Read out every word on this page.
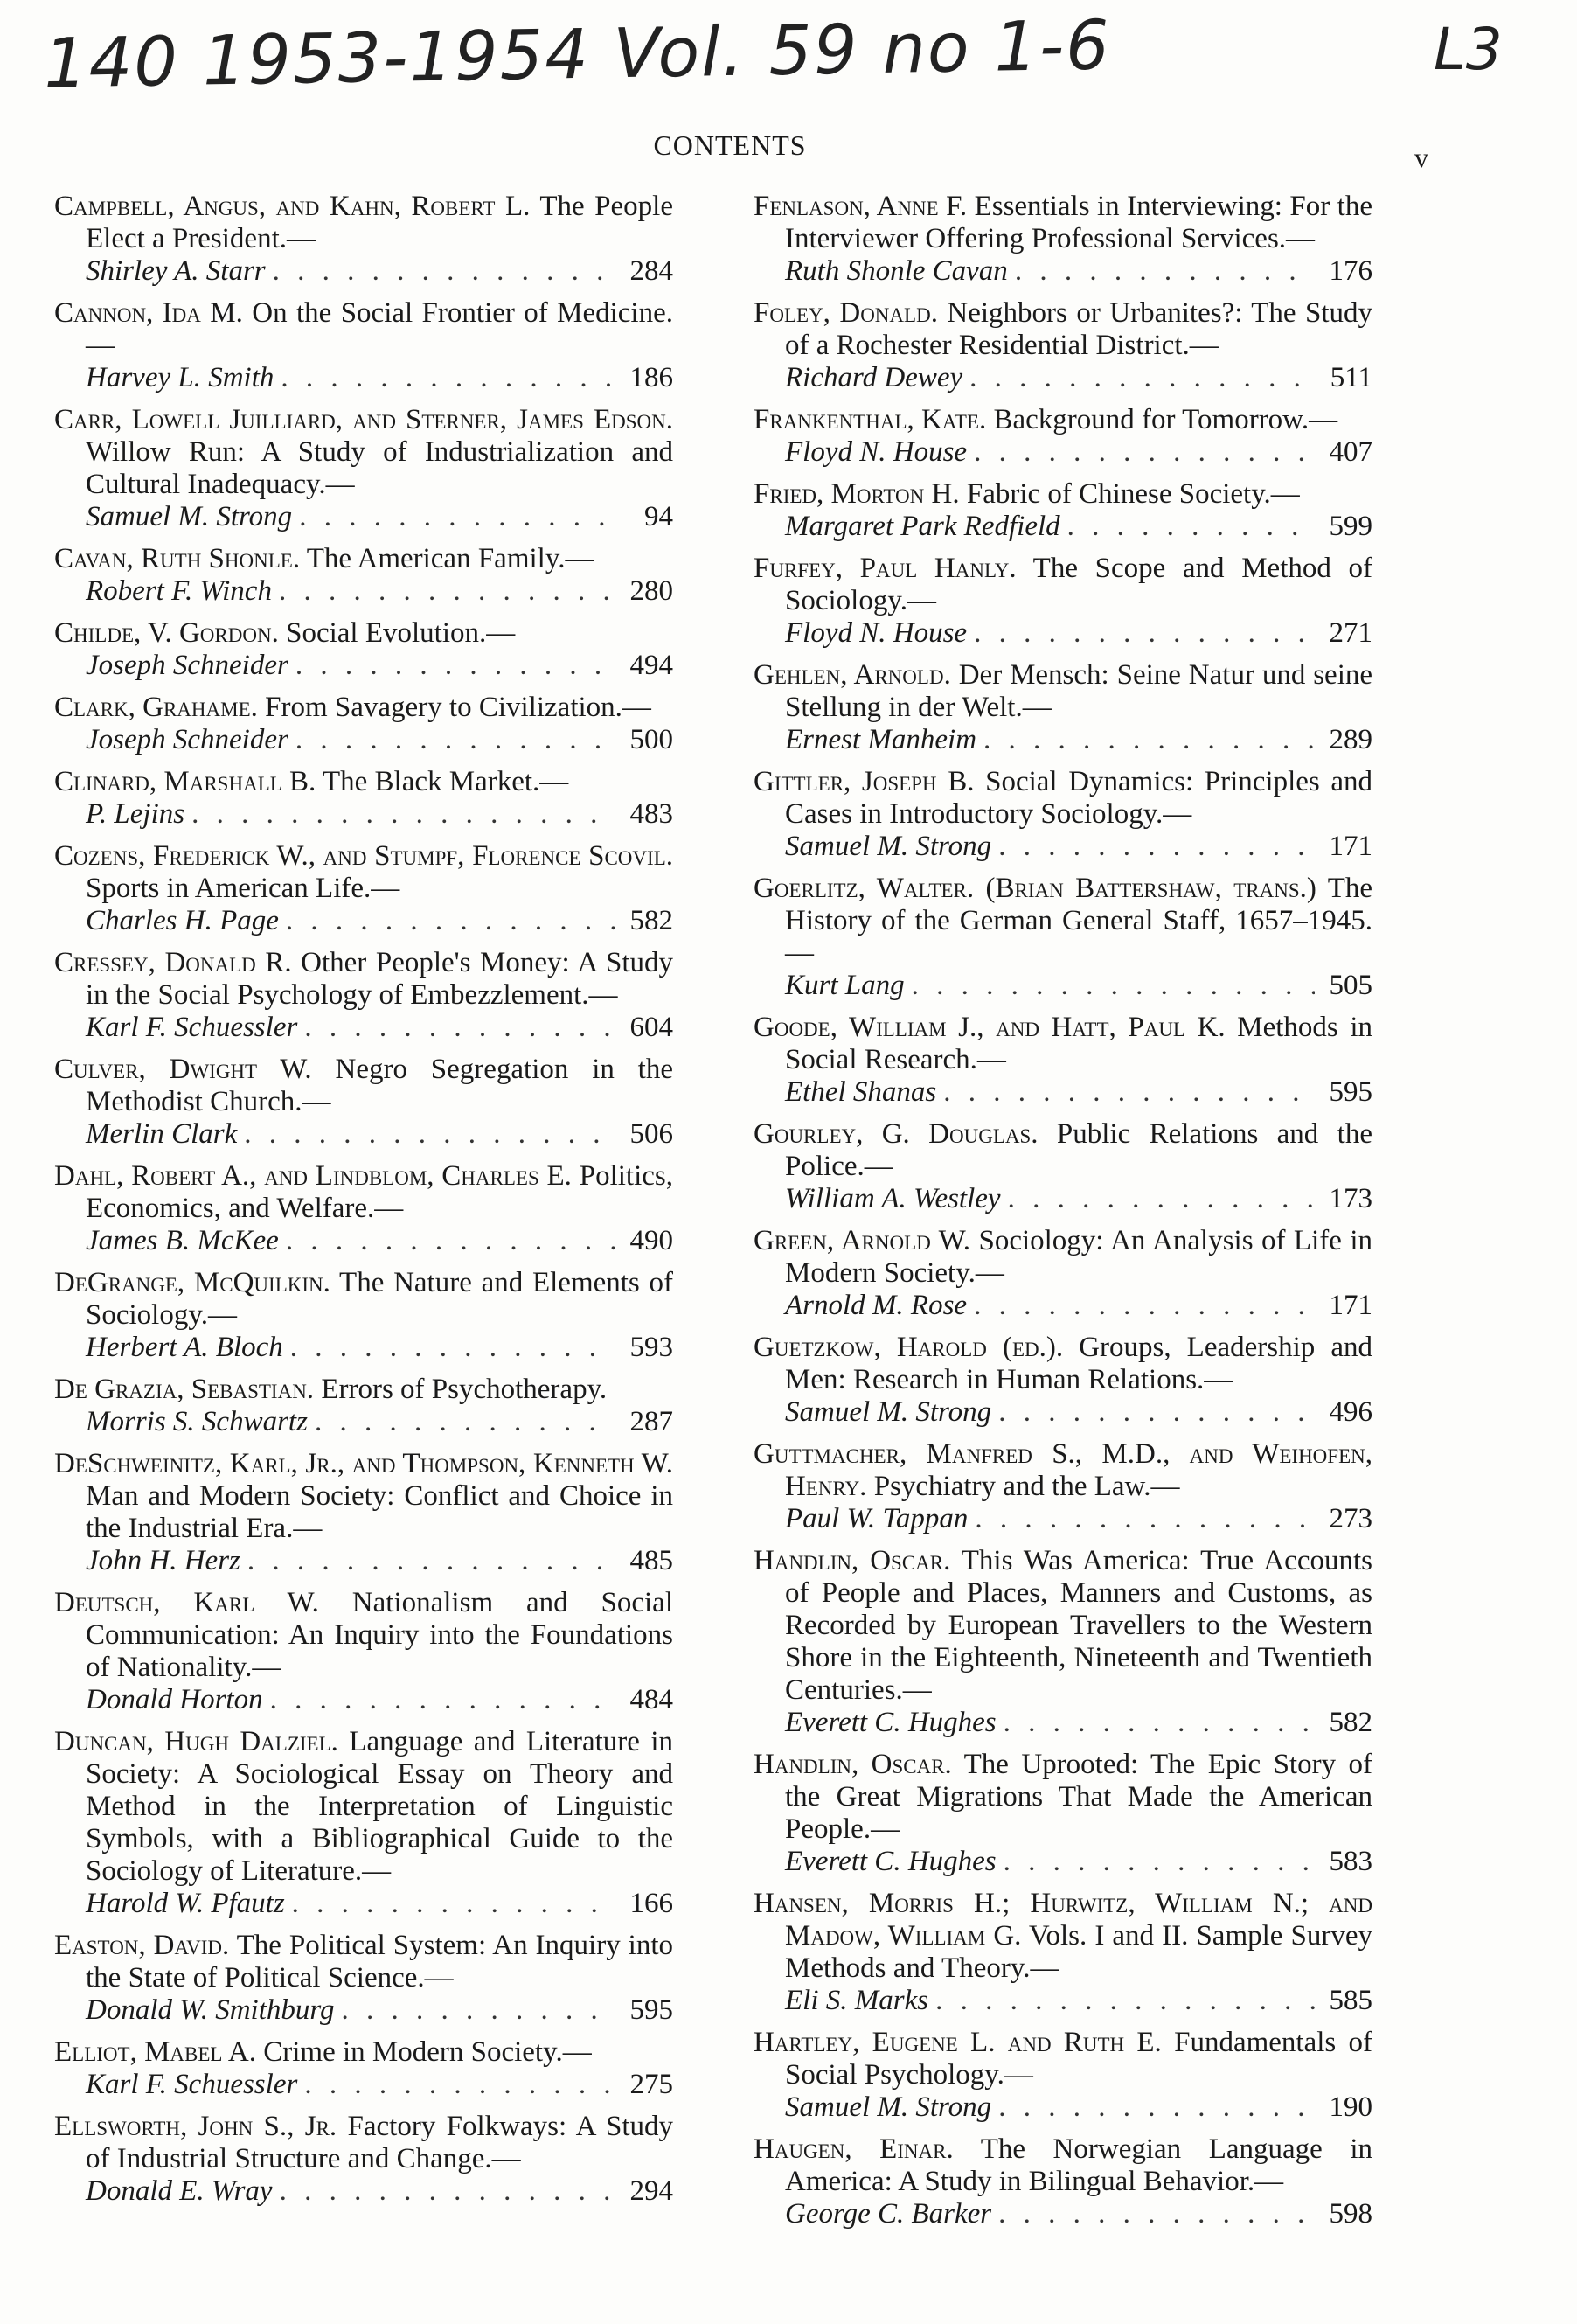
140 1953-1954 Vol. 59 no 1-6	L3
CONTENTS	v
Campbell, Angus, and Kahn, Robert L. The People Elect a President.—
Shirley A. Starr . . .	284
Cannon, Ida M. On the Social Frontier of Medicine.—
Harvey L. Smith . . .	186
Carr, Lowell Juilliard, and Sterner, James Edson. Willow Run: A Study of Industrialization and Cultural Inadequacy.—
Samuel M. Strong . . .	94
Cavan, Ruth Shonle. The American Family.—
Robert F. Winch . . .	280
Childe, V. Gordon. Social Evolution.—
Joseph Schneider . . .	494
Clark, Grahame. From Savagery to Civilization.—
Joseph Schneider . . .	500
Clinard, Marshall B. The Black Market.—
P. Lejins . . .	483
Cozens, Frederick W., and Stumpf, Florence Scovil. Sports in American Life.—
Charles H. Page . . .	582
Cressey, Donald R. Other People's Money: A Study in the Social Psychology of Embezzlement.—
Karl F. Schuessler . . .	604
Culver, Dwight W. Negro Segregation in the Methodist Church.—
Merlin Clark . . .	506
Dahl, Robert A., and Lindblom, Charles E. Politics, Economics, and Welfare.—
James B. McKee . . .	490
DeGrange, McQuilkin. The Nature and Elements of Sociology.—
Herbert A. Bloch . . .	593
De Grazia, Sebastian. Errors of Psychotherapy.
Morris S. Schwartz . . .	287
DeSchweinitz, Karl, Jr., and Thompson, Kenneth W. Man and Modern Society: Conflict and Choice in the Industrial Era.—
John H. Herz . . .	485
Deutsch, Karl W. Nationalism and Social Communication: An Inquiry into the Foundations of Nationality.—
Donald Horton . . .	484
Duncan, Hugh Dalziel. Language and Literature in Society: A Sociological Essay on Theory and Method in the Interpretation of Linguistic Symbols, with a Bibliographical Guide to the Sociology of Literature.—
Harold W. Pfautz . . .	166
Easton, David. The Political System: An Inquiry into the State of Political Science.—
Donald W. Smithburg . . .	595
Elliot, Mabel A. Crime in Modern Society.—
Karl F. Schuessler . . .	275
Ellsworth, John S., Jr. Factory Folkways: A Study of Industrial Structure and Change.—
Donald E. Wray . . .	294
Fenlason, Anne F. Essentials in Interviewing: For the Interviewer Offering Professional Services.—
Ruth Shonle Cavan . . .	176
Foley, Donald. Neighbors or Urbanites?: The Study of a Rochester Residential District.—
Richard Dewey . . .	511
Frankenthal, Kate. Background for Tomorrow.—
Floyd N. House . . .	407
Fried, Morton H. Fabric of Chinese Society.—
Margaret Park Redfield . . .	599
Furfey, Paul Hanly. The Scope and Method of Sociology.—
Floyd N. House . . .	271
Gehlen, Arnold. Der Mensch: Seine Natur und seine Stellung in der Welt.—
Ernest Manheim . . .	289
Gittler, Joseph B. Social Dynamics: Principles and Cases in Introductory Sociology.—
Samuel M. Strong . . .	171
Goerlitz, Walter. (Brian Battershaw, trans.) The History of the German General Staff, 1657–1945.—
Kurt Lang . . .	505
Goode, William J., and Hatt, Paul K. Methods in Social Research.—
Ethel Shanas . . .	595
Gourley, G. Douglas. Public Relations and the Police.—
William A. Westley . . .	173
Green, Arnold W. Sociology: An Analysis of Life in Modern Society.—
Arnold M. Rose . . .	171
Guetzkow, Harold (ed.). Groups, Leadership and Men: Research in Human Relations.—
Samuel M. Strong . . .	496
Guttmacher, Manfred S., M.D., and Weihofen, Henry. Psychiatry and the Law.—
Paul W. Tappan . . .	273
Handlin, Oscar. This Was America: True Accounts of People and Places, Manners and Customs, as Recorded by European Travellers to the Western Shore in the Eighteenth, Nineteenth and Twentieth Centuries.—
Everett C. Hughes . . .	582
Handlin, Oscar. The Uprooted: The Epic Story of the Great Migrations That Made the American People.—
Everett C. Hughes . . .	583
Hansen, Morris H.; Hurwitz, William N.; and Madow, William G. Vols. I and II. Sample Survey Methods and Theory.—
Eli S. Marks . . .	585
Hartley, Eugene L. and Ruth E. Fundamentals of Social Psychology.—
Samuel M. Strong . . .	190
Haugen, Einar. The Norwegian Language in America: A Study in Bilingual Behavior.—
George C. Barker . . .	598
